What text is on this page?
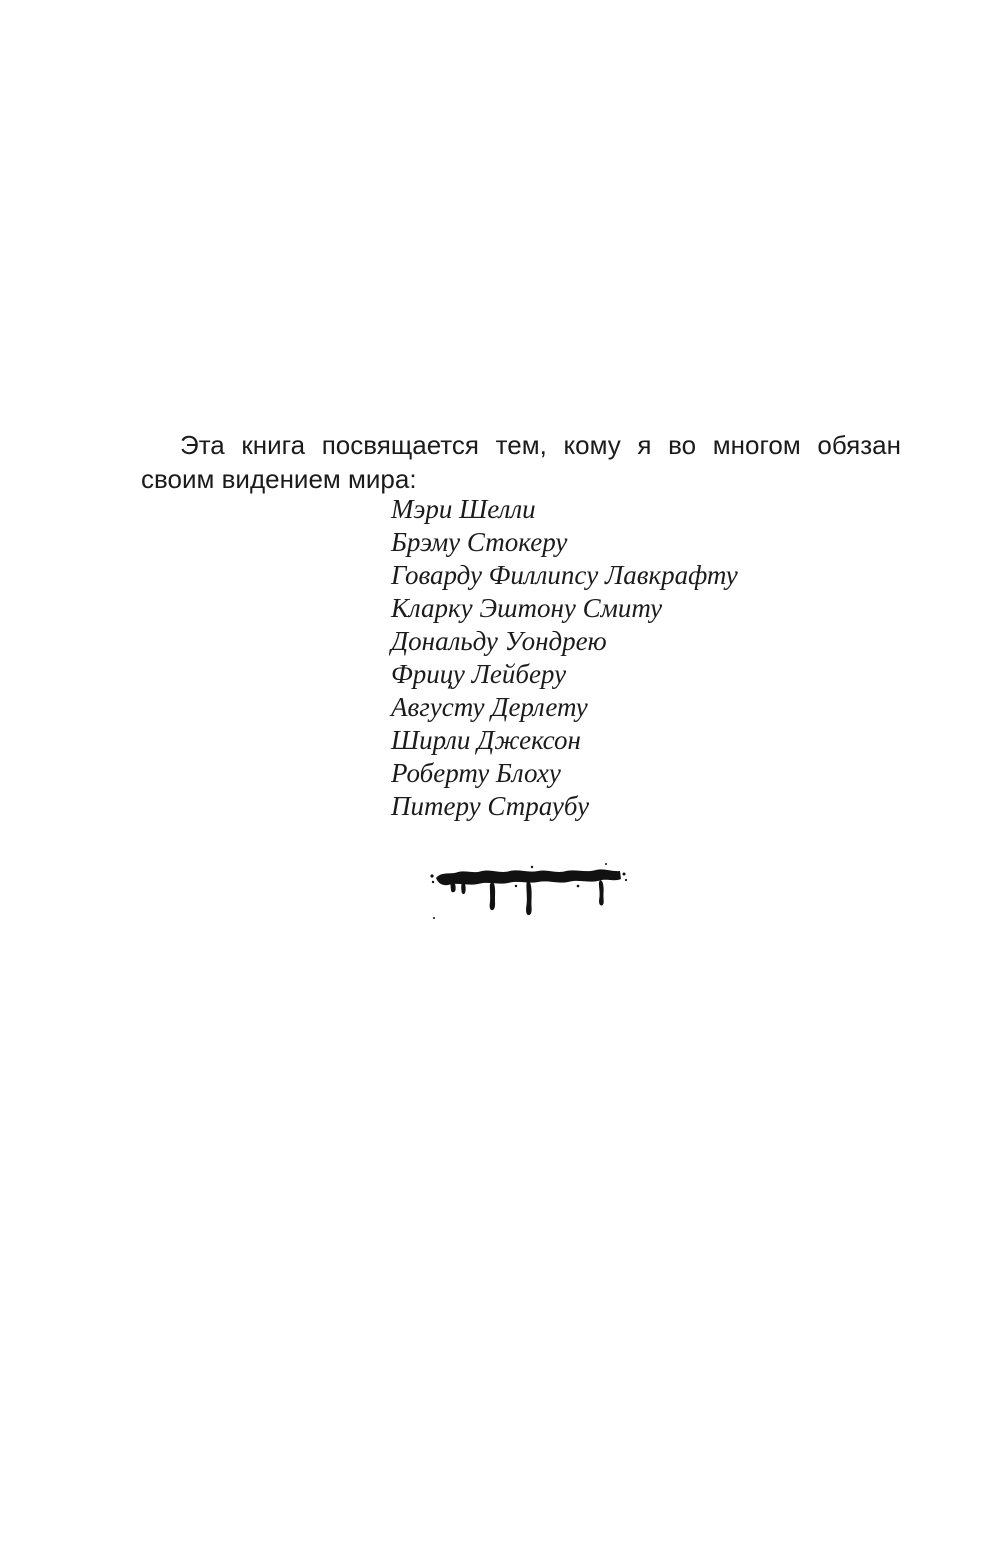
Эта книга посвящается тем, кому я во многом обязан своим видением мира:

Мэри Шелли
Брэму Стокеру
Говарду Филлипсу Лавкрафту
Кларку Эштону Смиту
Дональду Уондрею
Фрицу Лейберу
Августу Дерлету
Ширли Джексон
Роберту Блоху
Питеру Страубу
